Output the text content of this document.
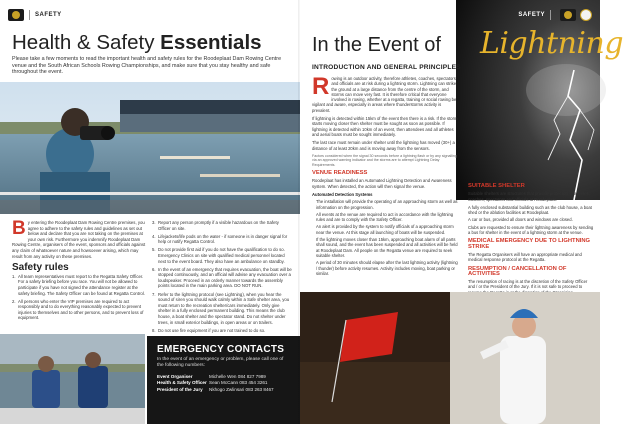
SAFETY
Health & Safety Essentials
Please take a few moments to read the important health and safety rules for the Roodeplaat Dam Rowing Centre venue and the South African Schools Rowing Championships, and make sure that you stay healthy and safe throughout the event.
B y entering the Roodeplaat Dam Rowing Centre premises, you agree to adhere to the safety rules and guidelines as set out below and declare that you are not taking on the premises at your own risk. Furthermore you indemnify Roodeplaat Dam Rowing Centre, organisers of the event, sponsors and officials against any claim of whatsoever nature and howsoever arising, which may result from any activity on these premises.
Safety rules
1. All team representatives must report to the Regatta Safety Officer. For a safety briefing before you race. You will not be allowed to participate if you have not signed the attendance register at the safety briefing. The Safety Officer can be found at Regatta Control.
2. All persons who enter the VIP premises are required to act responsibly and to do everything reasonably expected to prevent injuries to themselves and to other persons, and to prevent loss of equipment.
3. Report any person promptly if a visible hazardous on the Safety Officer on site.
4. Lifejackets/life pods on the water - if someone is in danger signal for help or notify Regatta Control.
5. Do not provide first aid if you do not have the qualification to do so. Emergency Clinics on site with qualified medical personnel located next to the event board. They also have an ambulance on standby.
6. In the event of an emergency that requires evacuation, the boat will be stopped continuously, and an official will advise any evacuation over a loudspeaker. Proceed in an orderly manner towards the assembly points located in the main parking area. DO NOT RUN.
7. Refer to the lightning protocol (see Lightning), when you hear the sound of siren you should walk calmly within a Safe shelter area, you must return to the recreation shelter/cars immediately. Only give shelter in a fully enclosed permanent building. This means the club house, a boat shelter and the spectator stand. Do not shelter under trees, in small exterior buildings, in open areas or on trailers.
8. Do not use fire equipment if you are not trained to do so.
EMERGENCY CONTACTS
In the event of an emergency or problem, please call one of the following numbers:
Event Organiser	Michelle Wen 084 827 7989
Health & Safety Officer Sean McCann 083 454 3261
President of the Jury	Nkhogo Zwlinsari 083 263 8467
SAFETY
In the Event of Lightning
INTRODUCTION AND GENERAL PRINCIPLES

R owing is an outdoor activity, therefore athletes, coaches, spectators and officials are at risk during a lightning storm. Lightning can strike the ground at a large distance from the centre of the storm, and storms can move very fast. It is therefore critical that everyone involved in rowing, whether at a regatta, training or social rowing be vigilant and aware, especially in areas where thunderstorms activity is prevalent.

If lightning is detected within 15km of the event then there is a risk. If the storm starts moving closer then shelter must be sought as soon as possible. If lightning is detected within 10km of an event, then attendees and all athletes and aerial boats must be sought immediately.

The last race must remain under shelter until the lightning has moved (30+) a distance of at least 20km and is moving away from the sensors.

Factors considered when the signal 30 seconds before a lightning flash or by any signalling via an approved warning indicator and the storms are to attempt Lightning Delay Requirements.

VENUE READINESS

Roodeplaat has installed an Automated Lightning Detection and Awareness system. When detected, the action will then signal the venue.

Automated Detection Systems
The installation will provide the operating of an approaching storm as well as information on the progression.
All events at the venue are required to act in accordance with the lightning rules and are to comply with the Safety Officer.
An alert is provided by the system to notify officials of a approaching storm near the venue. At this stage all launching of boats will be suspended.
If the lightning moves closer than 15km, approaching boat alarm of all parts shall sound, and the event has been suspended and all activities will be held at Roodeplaat Dam. All people on the Regatta venue are required to seek suitable shelter.
A period of 30 minutes should elapse after the last lightning activity (lightning / thunder) before activity resumes. Activity includes moving, boat parking or similar.
SUITABLE SHELTER

Suitable shelters are structures that provide protection to athletes, coaches, spectators and officials at Roodeplaat.

A fully enclosed substantial building such as the club house, a boat shed or the ablution facilities at Roodeplaat.
A car or bus, provided all doors and windows are closed.

Clubs are requested to ensure their lightning awareness by sending a bus for shelter in the event of a lightning storm at the venue.

MEDICAL EMERGENCY DUE TO LIGHTNING STRIKE

The Regatta Organisers will have an appropriate medical and medical response protocol at the Regatta.

RESUMPTION / CANCELLATION OF ACTIVITIES

The resumption of racing is at the discretion of the Safety Officer and / or the President of the Jury. If it is not safe to proceed to
